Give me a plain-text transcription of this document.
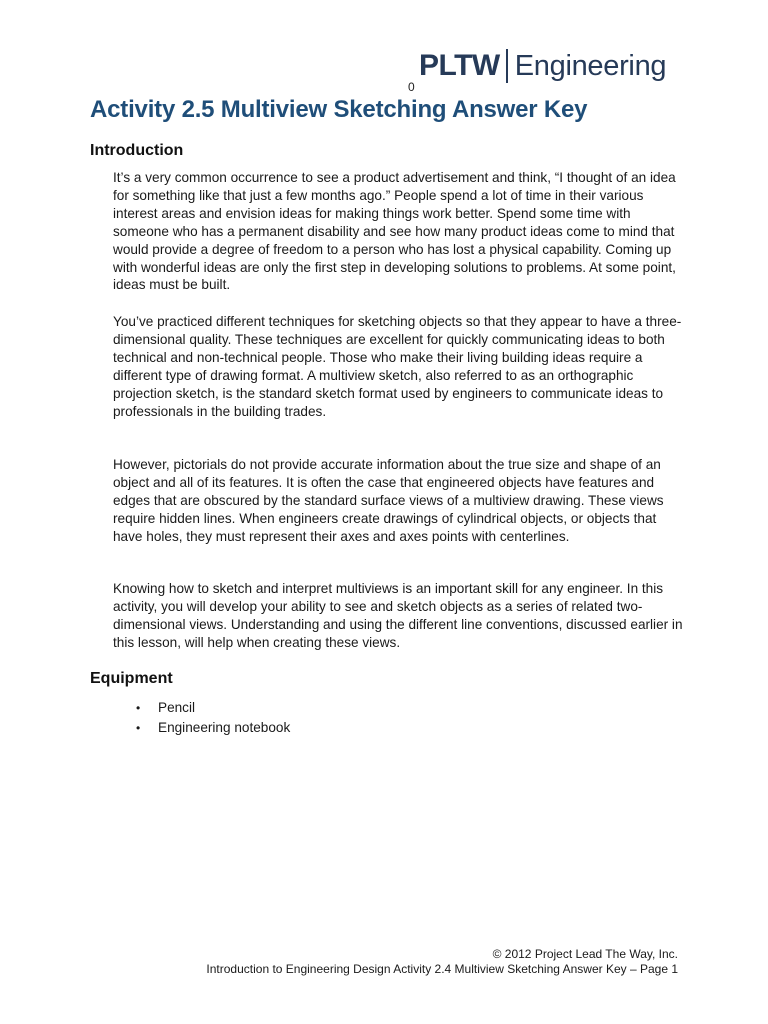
PLTW Engineering
0
Activity 2.5 Multiview Sketching Answer Key
Introduction

It’s a very common occurrence to see a product advertisement and think, “I thought of an idea for something like that just a few months ago.” People spend a lot of time in their various interest areas and envision ideas for making things work better. Spend some time with someone who has a permanent disability and see how many product ideas come to mind that would provide a degree of freedom to a person who has lost a physical capability. Coming up with wonderful ideas are only the first step in developing solutions to problems. At some point, ideas must be built.

You’ve practiced different techniques for sketching objects so that they appear to have a three-dimensional quality. These techniques are excellent for quickly communicating ideas to both technical and non-technical people. Those who make their living building ideas require a different type of drawing format. A multiview sketch, also referred to as an orthographic projection sketch, is the standard sketch format used by engineers to communicate ideas to professionals in the building trades.

However, pictorials do not provide accurate information about the true size and shape of an object and all of its features. It is often the case that engineered objects have features and edges that are obscured by the standard surface views of a multiview drawing. These views require hidden lines. When engineers create drawings of cylindrical objects, or objects that have holes, they must represent their axes and axes points with centerlines.

Knowing how to sketch and interpret multiviews is an important skill for any engineer. In this activity, you will develop your ability to see and sketch objects as a series of related two-dimensional views. Understanding and using the different line conventions, discussed earlier in this lesson, will help when creating these views.

Equipment
• Pencil
• Engineering notebook
© 2012 Project Lead The Way, Inc.
Introduction to Engineering Design Activity 2.4 Multiview Sketching Answer Key – Page 1
